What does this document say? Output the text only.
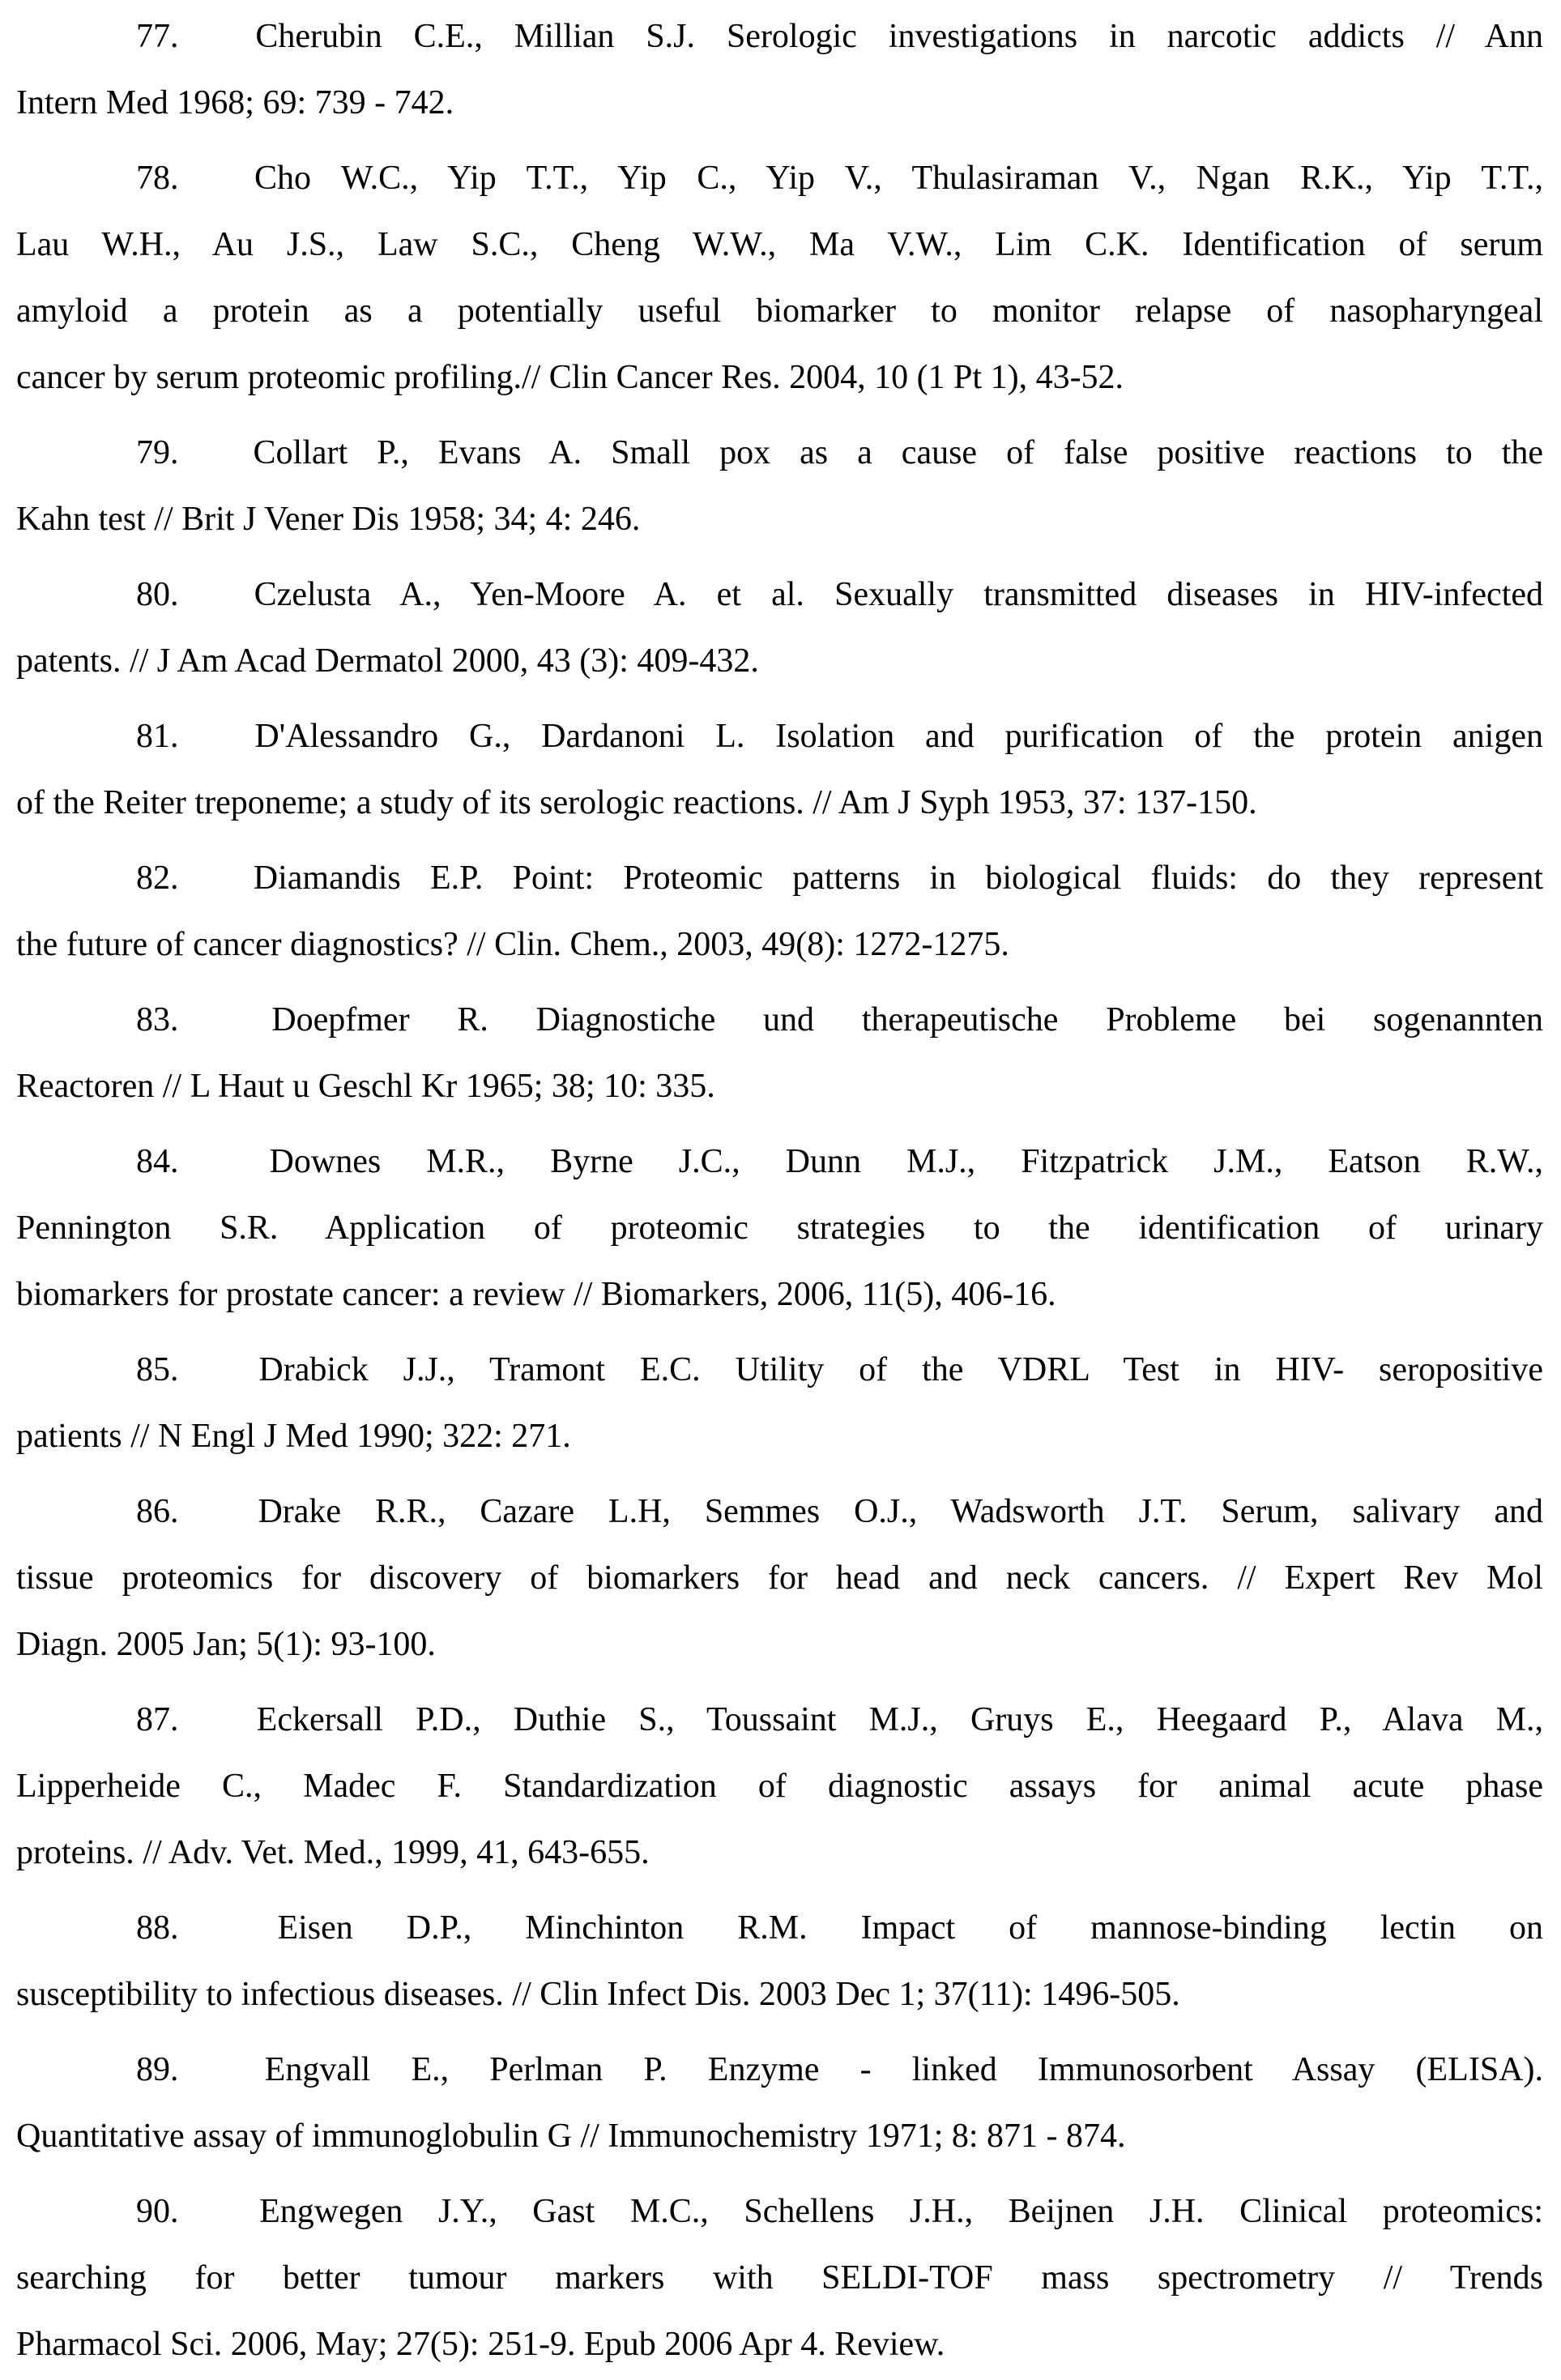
77. Cherubin C.E., Millian S.J. Serologic investigations in narcotic addicts // Ann
Intern Med 1968; 69: 739 - 742.
78. Cho W.C., Yip T.T., Yip C., Yip V., Thulasiraman V., Ngan R.K., Yip T.T.,
Lau W.H., Au J.S., Law S.C., Cheng W.W., Ma V.W., Lim C.K. Identification of serum
amyloid a protein as a potentially useful biomarker to monitor relapse of nasopharyngeal
cancer by serum proteomic profiling.// Clin Cancer Res. 2004, 10 (1 Pt 1), 43-52.
79. Collart P., Evans A. Small pox as a cause of false positive reactions to the
Kahn test // Brit J Vener Dis 1958; 34; 4: 246.
80. Czelusta A., Yen-Moore A. et al. Sexually transmitted diseases in HIV-infected
patents. // J Am Acad Dermatol 2000, 43 (3): 409-432.
81. D'Alessandro G., Dardanoni L. Isolation and purification of the protein anigen
of the Reiter treponeme; a study of its serologic reactions. // Am J Syph 1953, 37: 137-150.
82. Diamandis E.P. Point: Proteomic patterns in biological fluids: do they represent
the future of cancer diagnostics? // Clin. Chem., 2003, 49(8): 1272-1275.
83.	Doepfmer R. Diagnostiche und therapeutische Probleme bei sogenannten
Reactoren // L Haut u Geschl Kr 1965; 38; 10: 335.
84.	Downes M.R., Byrne J.C., Dunn M.J., Fitzpatrick J.M., Eatson R.W.,
Pennington S.R. Application of proteomic strategies to the identification of urinary
biomarkers for prostate cancer: a review // Biomarkers, 2006, 11(5), 406-16.
85. Drabick J.J., Tramont E.C. Utility of the VDRL Test in HIV- seropositive
patients // N Engl J Med 1990; 322: 271.
86. Drake R.R., Cazare L.H, Semmes O.J., Wadsworth J.T. Serum, salivary and
tissue proteomics for discovery of biomarkers for head and neck cancers. // Expert Rev Mol
Diagn. 2005 Jan; 5(1): 93-100.
87. Eckersall P.D., Duthie S., Toussaint M.J., Gruys E., Heegaard P., Alava M.,
Lipperheide C., Madec F. Standardization of diagnostic assays for animal acute phase
proteins. // Adv. Vet. Med., 1999, 41, 643-655.
88.	Eisen D.P., Minchinton R.M. Impact of mannose-binding lectin on
susceptibility to infectious diseases. // Clin Infect Dis. 2003 Dec 1; 37(11): 1496-505.
89.	Engvall E., Perlman P. Enzyme - linked Immunosorbent Assay (ELISA).
Quantitative assay of immunoglobulin G // Immunochemistry 1971; 8: 871 - 874.
90. Engwegen J.Y., Gast M.C., Schellens J.H., Beijnen J.H. Clinical proteomics:
searching for better tumour markers with SELDI-TOF mass spectrometry // Trends
Pharmacol Sci. 2006, May; 27(5): 251-9. Epub 2006 Apr 4. Review.
